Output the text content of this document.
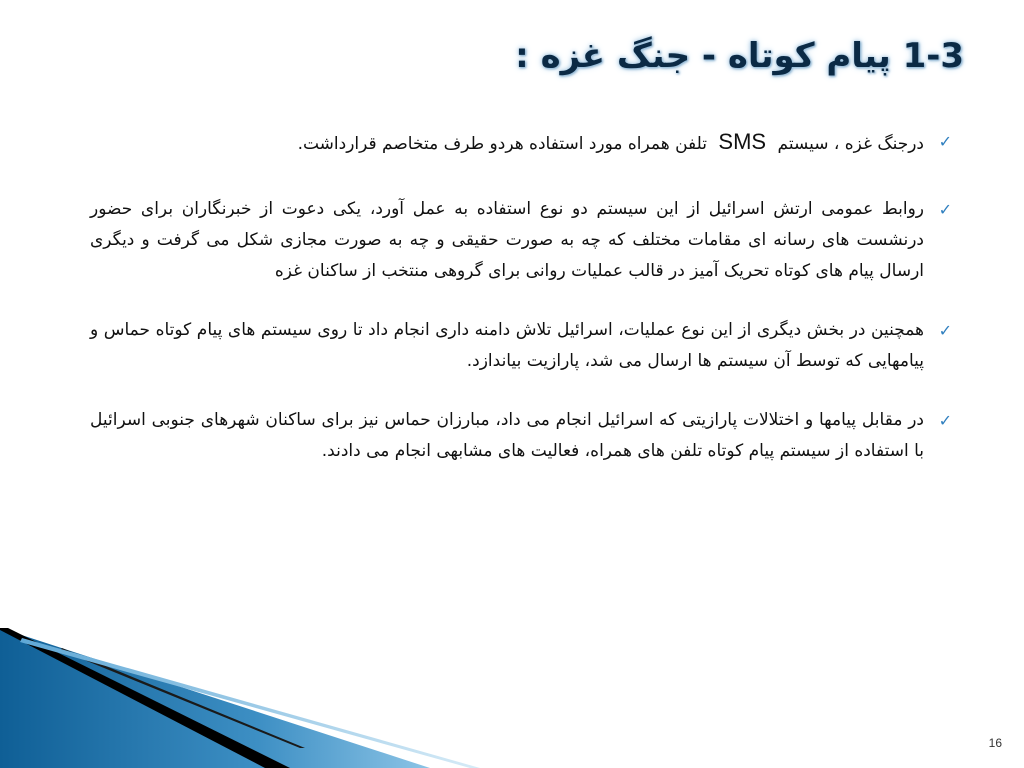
1-3 پیام کوتاه - جنگ غزه :
✓
درجنگ غزه ، سیستم SMS تلفن همراه مورد استفاده هردو طرف متخاصم قرارداشت.
✓
روابط عمومی ارتش اسرائیل از این سیستم دو نوع استفاده به عمل آورد، یکی دعوت از خبرنگاران برای حضور درنشست های رسانه ای مقامات مختلف که چه به صورت حقیقی و چه به صورت مجازی شکل می گرفت و دیگری ارسال پیام های کوتاه تحریک آمیز در قالب عملیات روانی برای گروهی منتخب از ساکنان غزه
✓
همچنین در بخش دیگری از این نوع عملیات، اسرائیل تلاش دامنه داری انجام داد تا روی سیستم های پیام کوتاه حماس و پیامهایی که توسط آن سیستم ها ارسال می شد، پارازیت بیاندازد.
✓
در مقابل پیامها و اختلالات پارازیتی که اسرائیل انجام می داد، مبارزان حماس نیز برای ساکنان شهرهای جنوبی اسرائیل با استفاده از سیستم پیام کوتاه تلفن های همراه، فعالیت های مشابهی انجام می دادند.
16
